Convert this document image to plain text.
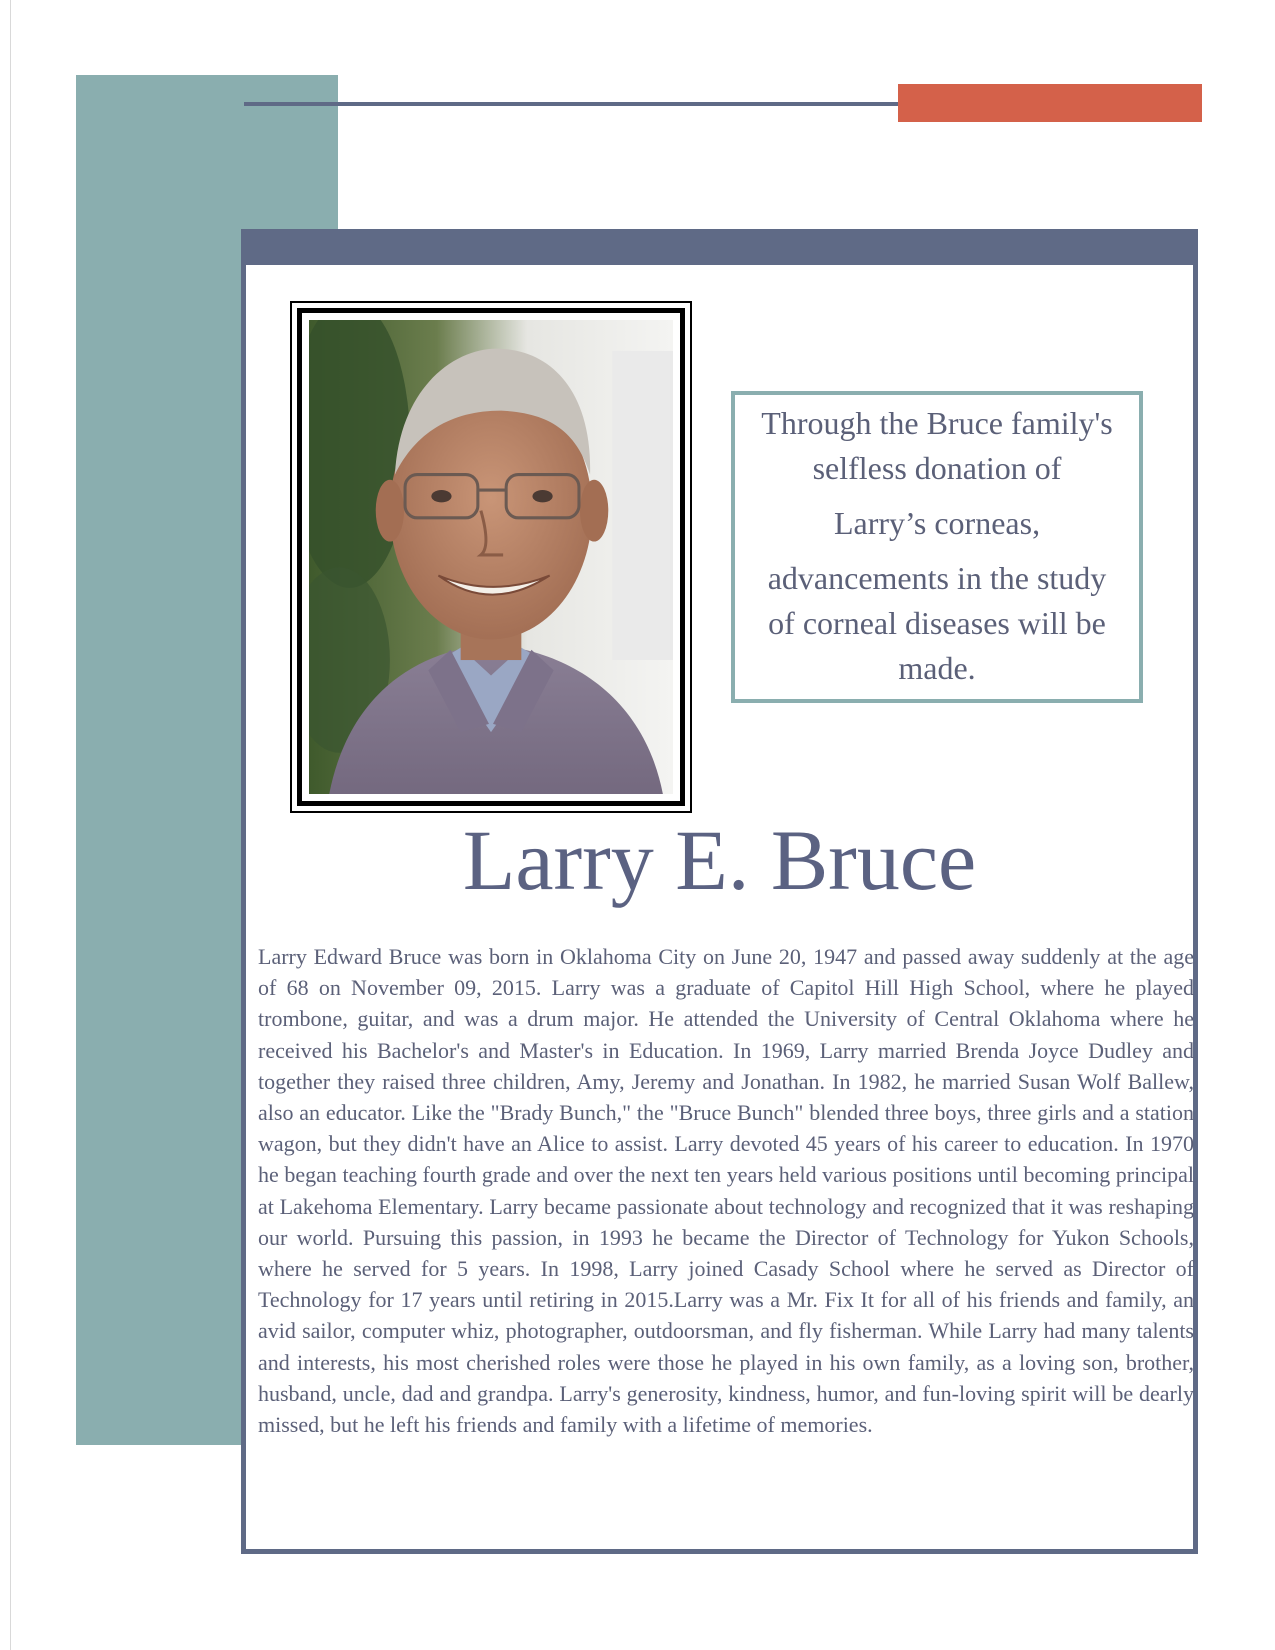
Through the Bruce family's
selfless donation of
Larry’s corneas,
advancements in the study
of corneal diseases will be
made.
Larry E. Bruce

Larry Edward Bruce was born in Oklahoma City on June 20, 1947 and passed away suddenly at the age of 68 on November 09, 2015. Larry was a graduate of Capitol Hill High School, where he played trombone, guitar, and was a drum major. He attended the University of Central Oklahoma where he received his Bachelor's and Master's in Education. In 1969, Larry married Brenda Joyce Dudley and together they raised three children, Amy, Jeremy and Jonathan. In 1982, he married Susan Wolf Ballew, also an educator. Like the "Brady Bunch," the "Bruce Bunch" blended three boys, three girls and a station wagon, but they didn't have an Alice to assist. Larry devoted 45 years of his career to education. In 1970 he began teaching fourth grade and over the next ten years held various positions until becoming principal at Lakehoma Elementary. Larry became passionate about technology and recognized that it was reshaping our world. Pursuing this passion, in 1993 he became the Director of Technology for Yukon Schools, where he served for 5 years. In 1998, Larry joined Casady School where he served as Director of Technology for 17 years until retiring in 2015.Larry was a Mr. Fix It for all of his friends and family, an avid sailor, computer whiz, photographer, outdoorsman, and fly fisherman. While Larry had many talents and interests, his most cherished roles were those he played in his own family, as a loving son, brother, husband, uncle, dad and grandpa. Larry's generosity, kindness, humor, and fun-loving spirit will be dearly missed, but he left his friends and family with a lifetime of memories.
